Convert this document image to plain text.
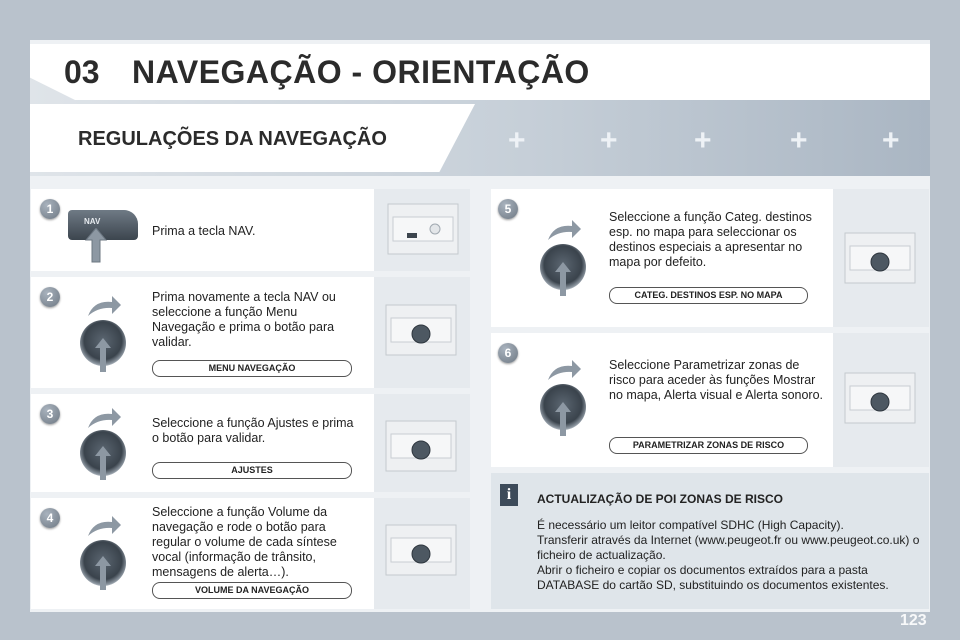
+ +	+	+ +
03 NAVEGAÇÃO - ORIENTAÇÃO
REGULAÇÕES DA NAVEGAÇÃO
1
NAV
Prima a tecla NAV.
2	Prima novamente a tecla NAV ou seleccione a função Menu Navegação e prima o botão para validar.
MENU NAVEGAÇÃO
3
Seleccione a função Ajustes e prima o botão para validar.
AJUSTES
4	Seleccione a função Volume da navegação e rode o botão para regular o volume de cada síntese vocal (informação de trânsito, mensagens de alerta…).
VOLUME DA NAVEGAÇÃO
5
Seleccione a função Categ. destinos esp. no mapa para seleccionar os destinos especiais a apresentar no mapa por defeito.
CATEG. DESTINOS ESP. NO MAPA
6
Seleccione Parametrizar zonas de risco para aceder às funções Mostrar no mapa, Alerta visual e Alerta sonoro.
PARAMETRIZAR ZONAS DE RISCO
i	ACTUALIZAÇÃO DE POI ZONAS DE RISCO
É necessário um leitor compatível SDHC (High Capacity).
Transferir através da Internet (www.peugeot.fr ou www.peugeot.co.uk) o ficheiro de actualização.
Abrir o ficheiro e copiar os documentos extraídos para a pasta DATABASE do cartão SD, substituindo os documentos existentes.
123
